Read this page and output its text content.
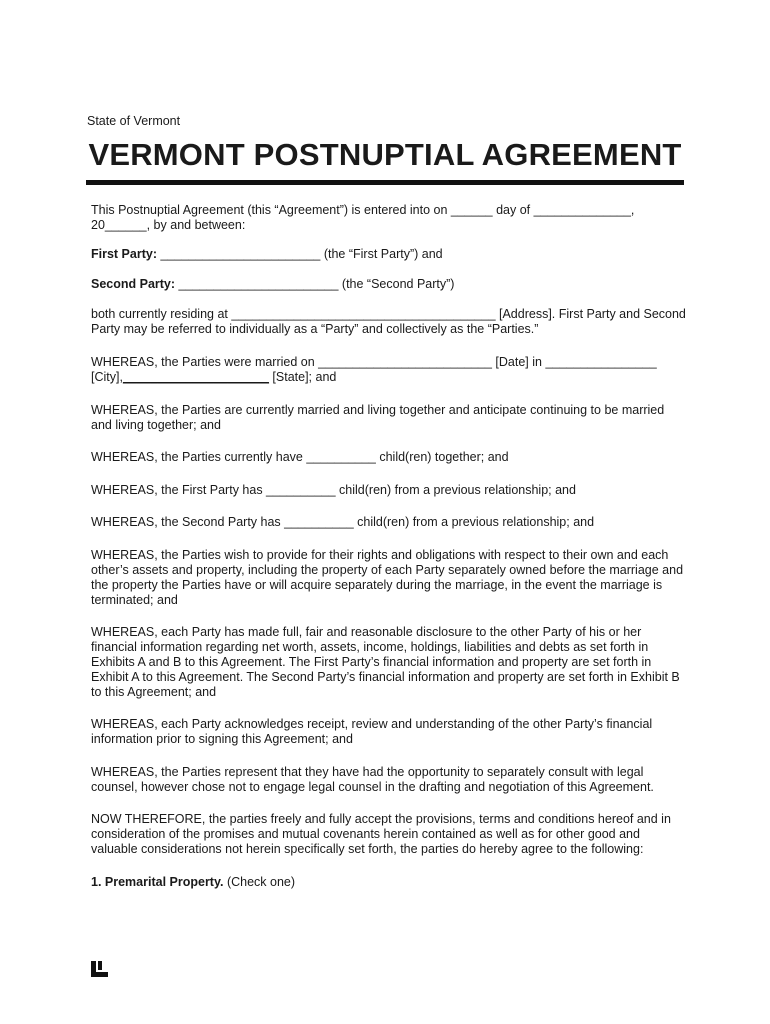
State of Vermont

VERMONT POSTNUPTIAL AGREEMENT

This Postnuptial Agreement (this “Agreement”) is entered into on ______ day of ______________, 20______, by and between:

First Party: _______________________ (the “First Party”) and

Second Party: _______________________ (the “Second Party”)

both currently residing at ______________________________________ [Address]. First Party and Second Party may be referred to individually as a “Party” and collectively as the “Parties.”

WHEREAS, the Parties were married on _________________________ [Date] in ________________ [City],_____________________ [State]; and

WHEREAS, the Parties are currently married and living together and anticipate continuing to be married and living together; and

WHEREAS, the Parties currently have __________ child(ren) together; and

WHEREAS, the First Party has __________ child(ren) from a previous relationship; and

WHEREAS, the Second Party has __________ child(ren) from a previous relationship; and

WHEREAS, the Parties wish to provide for their rights and obligations with respect to their own and each other’s assets and property, including the property of each Party separately owned before the marriage and the property the Parties have or will acquire separately during the marriage, in the event the marriage is terminated; and

WHEREAS, each Party has made full, fair and reasonable disclosure to the other Party of his or her financial information regarding net worth, assets, income, holdings, liabilities and debts as set forth in Exhibits A and B to this Agreement. The First Party’s financial information and property are set forth in Exhibit A to this Agreement. The Second Party’s financial information and property are set forth in Exhibit B to this Agreement; and

WHEREAS, each Party acknowledges receipt, review and understanding of the other Party’s financial information prior to signing this Agreement; and

WHEREAS, the Parties represent that they have had the opportunity to separately consult with legal counsel, however chose not to engage legal counsel in the drafting and negotiation of this Agreement.

NOW THEREFORE, the parties freely and fully accept the provisions, terms and conditions hereof and in consideration of the promises and mutual covenants herein contained as well as for other good and valuable considerations not herein specifically set forth, the parties do hereby agree to the following:

1. Premarital Property. (Check one)
